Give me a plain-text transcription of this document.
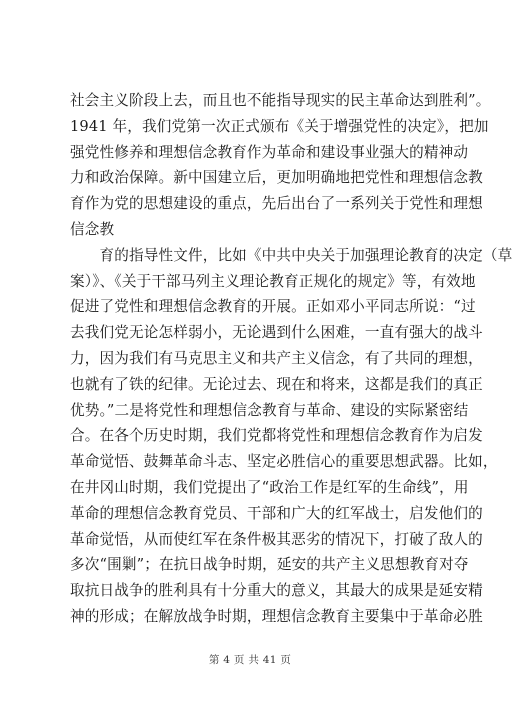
社会主义阶段上去，而且也不能指导现实的民主革命达到胜利”。
1941 年，我们党第一次正式颁布《关于增强党性的决定》，把加
强党性修养和理想信念教育作为革命和建设事业强大的精神动
力和政治保障。新中国建立后，更加明确地把党性和理想信念教
育作为党的思想建设的重点，先后出台了一系列关于党性和理想
信念教
　　育的指导性文件，比如《中共中央关于加强理论教育的决定（草
案）》、《关于干部马列主义理论教育正规化的规定》等，有效地
促进了党性和理想信念教育的开展。正如邓小平同志所说：“过
去我们党无论怎样弱小，无论遇到什么困难，一直有强大的战斗
力，因为我们有马克思主义和共产主义信念，有了共同的理想，
也就有了铁的纪律。无论过去、现在和将来，这都是我们的真正
优势。”二是将党性和理想信念教育与革命、建设的实际紧密结
合。在各个历史时期，我们党都将党性和理想信念教育作为启发
革命觉悟、鼓舞革命斗志、坚定必胜信心的重要思想武器。比如，
在井冈山时期，我们党提出了“政治工作是红军的生命线”，用
革命的理想信念教育党员、干部和广大的红军战士，启发他们的
革命觉悟，从而使红军在条件极其恶劣的情况下，打破了敌人的
多次“围剿”；在抗日战争时期，延安的共产主义思想教育对夺
取抗日战争的胜利具有十分重大的意义，其最大的成果是延安精
神的形成；在解放战争时期，理想信念教育主要集中于革命必胜
第 4 页 共 41 页
